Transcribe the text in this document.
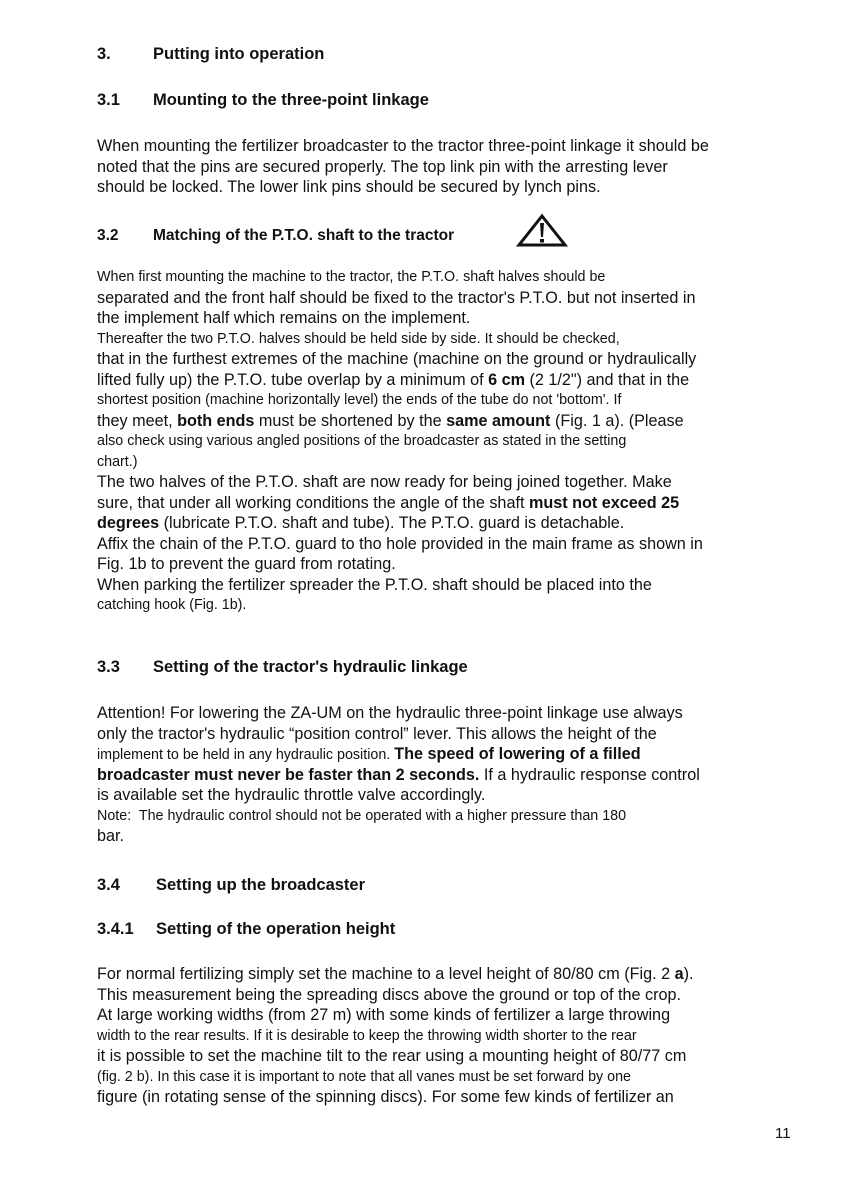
3.	Putting into operation
3.1 Mounting to the three-point linkage
When mounting the fertilizer broadcaster to the tractor three-point linkage it should be
noted that the pins are secured properly. The top link pin with the arresting lever
should be locked. The lower link pins should be secured by lynch pins.
3.2 Matching of the P.T.O. shaft to the tractor
When first mounting the machine to the tractor, the P.T.O. shaft halves should be
separated and the front half should be fixed to the tractor's P.T.O. but not inserted in
the implement half which remains on the implement.
Thereafter the two P.T.O. halves should be held side by side. It should be checked,
that in the furthest extremes of the machine (machine on the ground or hydraulically
lifted fully up) the P.T.O. tube overlap by a minimum of 6 cm (2 1/2") and that in the
shortest position (machine horizontally level) the ends of the tube do not 'bottom'. If
they meet, both ends must be shortened by the same amount (Fig. 1 a). (Please
also check using various angled positions of the broadcaster as stated in the setting
chart.)
The two halves of the P.T.O. shaft are now ready for being joined together. Make
sure, that under all working conditions the angle of the shaft must not exceed 25
degrees (lubricate P.T.O. shaft and tube). The P.T.O. guard is detachable.
Affix the chain of the P.T.O. guard to tho hole provided in the main frame as shown in
Fig. 1b to prevent the guard from rotating.
When parking the fertilizer spreader the P.T.O. shaft should be placed into the
catching hook (Fig. 1b).
3.3 Setting of the tractor's hydraulic linkage
Attention! For lowering the ZA-UM on the hydraulic three-point linkage use always
only the tractor's hydraulic “position control” lever. This allows the height of the
implement to be held in any hydraulic position. The speed of lowering of a filled
broadcaster must never be faster than 2 seconds. If a hydraulic response control
is available set the hydraulic throttle valve accordingly.
Note:  The hydraulic control should not be operated with a higher pressure than 180
bar.
3.4 Setting up the broadcaster
3.4.1 Setting of the operation height
For normal fertilizing simply set the machine to a level height of 80/80 cm (Fig. 2 a).
This measurement being the spreading discs above the ground or top of the crop.
At large working widths (from 27 m) with some kinds of fertilizer a large throwing
width to the rear results. If it is desirable to keep the throwing width shorter to the rear
it is possible to set the machine tilt to the rear using a mounting height of 80/77 cm
(fig. 2 b). In this case it is important to note that all vanes must be set forward by one
figure (in rotating sense of the spinning discs). For some few kinds of fertilizer an
11
